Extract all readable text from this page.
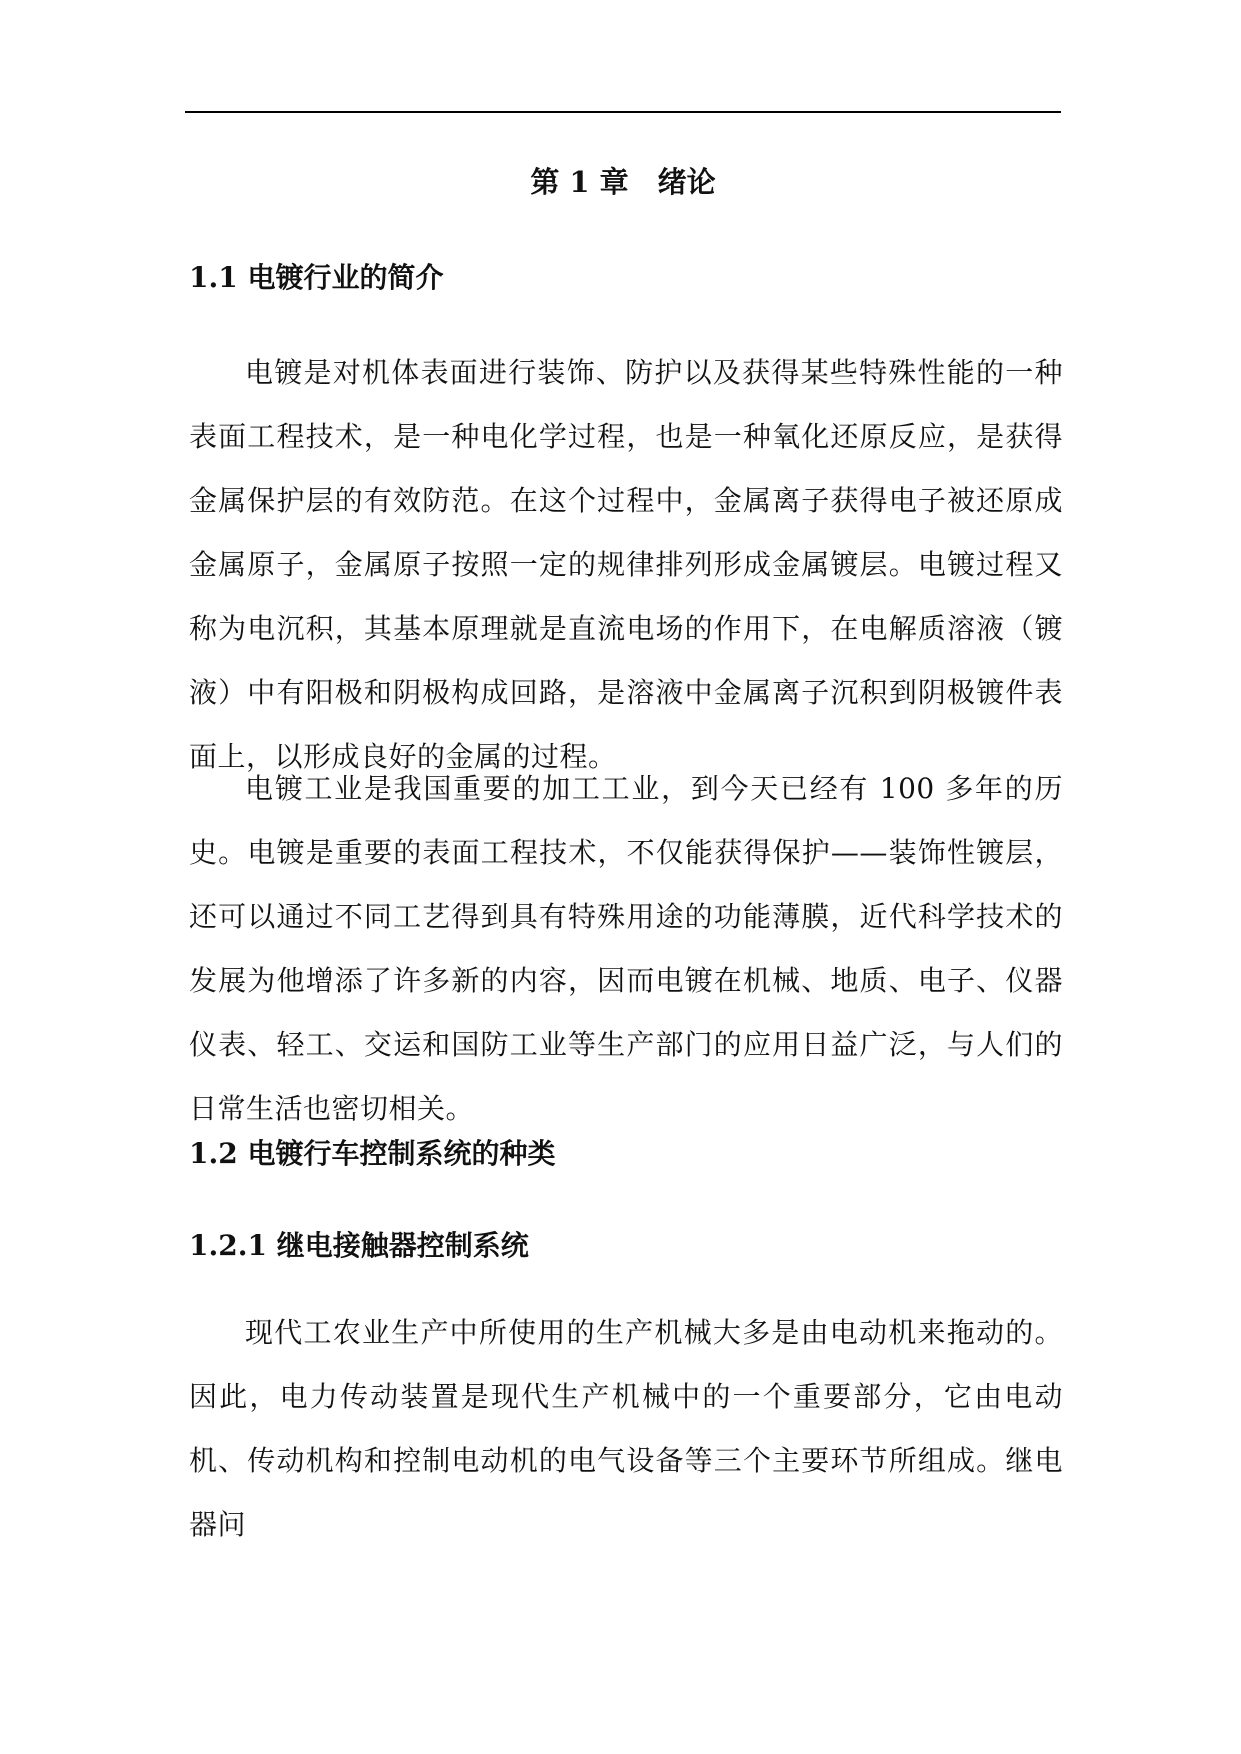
第 1 章　绪论
1.1 电镀行业的简介

电镀是对机体表面进行装饰、防护以及获得某些特殊性能的一种表面工程技术，是一种电化学过程，也是一种氧化还原反应，是获得金属保护层的有效防范。在这个过程中，金属离子获得电子被还原成金属原子，金属原子按照一定的规律排列形成金属镀层。电镀过程又称为电沉积，其基本原理就是直流电场的作用下，在电解质溶液（镀液）中有阳极和阴极构成回路，是溶液中金属离子沉积到阴极镀件表面上，以形成良好的金属的过程。

电镀工业是我国重要的加工工业，到今天已经有 100 多年的历史。电镀是重要的表面工程技术，不仅能获得保护——装饰性镀层，还可以通过不同工艺得到具有特殊用途的功能薄膜，近代科学技术的发展为他增添了许多新的内容，因而电镀在机械、地质、电子、仪器仪表、轻工、交运和国防工业等生产部门的应用日益广泛，与人们的日常生活也密切相关。

1.2 电镀行车控制系统的种类
1.2.1 继电接触器控制系统

现代工农业生产中所使用的生产机械大多是由电动机来拖动的。因此，电力传动装置是现代生产机械中的一个重要部分，它由电动机、传动机构和控制电动机的电气设备等三个主要环节所组成。继电器问
